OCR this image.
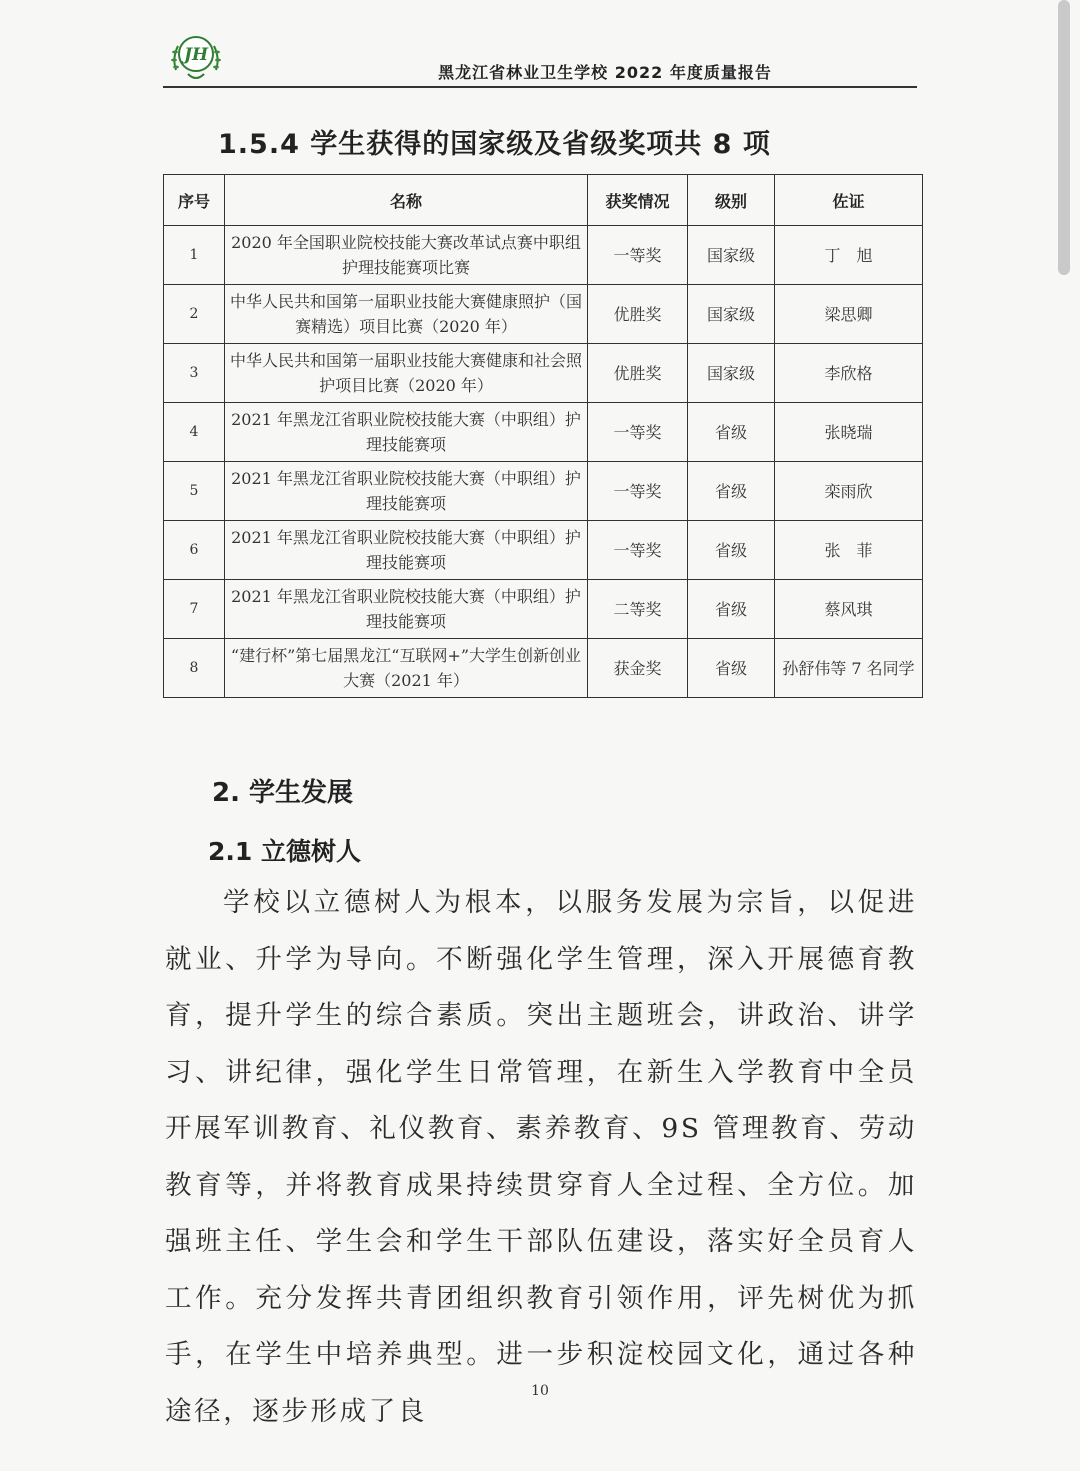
JH
黑龙江省林业卫生学校 2022 年度质量报告
1.5.4 学生获得的国家级及省级奖项共 8 项
序号	名称	获奖情况	级别	佐证
1	2020 年全国职业院校技能大赛改革试点赛中职组护理技能赛项比赛	一等奖	国家级	丁　旭
2	中华人民共和国第一届职业技能大赛健康照护（国赛精选）项目比赛（2020 年）	优胜奖	国家级	梁思卿
3	中华人民共和国第一届职业技能大赛健康和社会照护项目比赛（2020 年）	优胜奖	国家级	李欣格
4	2021 年黑龙江省职业院校技能大赛（中职组）护理技能赛项	一等奖	省级	张晓瑞
5	2021 年黑龙江省职业院校技能大赛（中职组）护理技能赛项	一等奖	省级	栾雨欣
6	2021 年黑龙江省职业院校技能大赛（中职组）护理技能赛项	一等奖	省级	张　菲
7	2021 年黑龙江省职业院校技能大赛（中职组）护理技能赛项	二等奖	省级	蔡风琪
8	“建行杯”第七届黑龙江“互联网+”大学生创新创业大赛（2021 年）	获金奖	省级	孙舒伟等 7 名同学
2. 学生发展
2.1 立德树人
学校以立德树人为根本，以服务发展为宗旨，以促进就业、升学为导向。不断强化学生管理，深入开展德育教育，提升学生的综合素质。突出主题班会，讲政治、讲学习、讲纪律，强化学生日常管理，在新生入学教育中全员开展军训教育、礼仪教育、素养教育、9S 管理教育、劳动教育等，并将教育成果持续贯穿育人全过程、全方位。加强班主任、学生会和学生干部队伍建设，落实好全员育人工作。充分发挥共青团组织教育引领作用，评先树优为抓手，在学生中培养典型。进一步积淀校园文化，通过各种途径，逐步形成了良
10
